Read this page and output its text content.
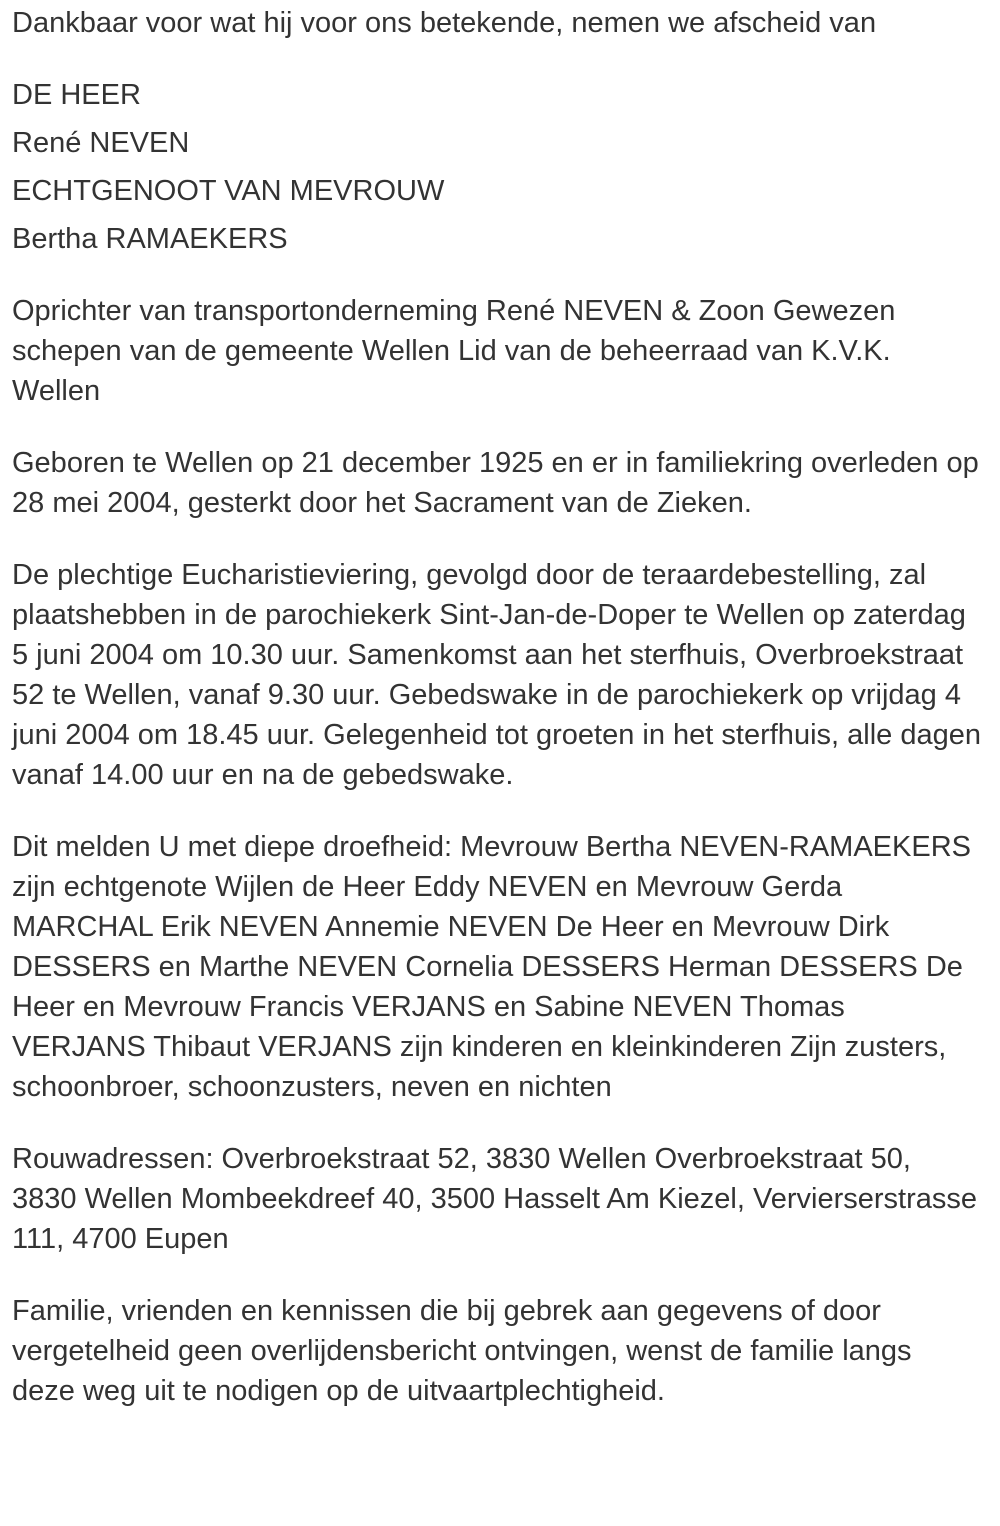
Dankbaar voor wat hij voor ons betekende, nemen we afscheid van

DE HEER

René NEVEN

ECHTGENOOT VAN MEVROUW

Bertha RAMAEKERS

Oprichter van transportonderneming René NEVEN & Zoon Gewezen schepen van de gemeente Wellen Lid van de beheerraad van K.V.K. Wellen

Geboren te Wellen op 21 december 1925 en er in familiekring overleden op 28 mei 2004, gesterkt door het Sacrament van de Zieken.

De plechtige Eucharistieviering, gevolgd door de teraardebestelling, zal plaatshebben in de parochiekerk Sint-Jan-de-Doper te Wellen op zaterdag 5 juni 2004 om 10.30 uur. Samenkomst aan het sterfhuis, Overbroekstraat 52 te Wellen, vanaf 9.30 uur. Gebedswake in de parochiekerk op vrijdag 4 juni 2004 om 18.45 uur. Gelegenheid tot groeten in het sterfhuis, alle dagen vanaf 14.00 uur en na de gebedswake.

Dit melden U met diepe droefheid: Mevrouw Bertha NEVEN-RAMAEKERS zijn echtgenote Wijlen de Heer Eddy NEVEN en Mevrouw Gerda MARCHAL Erik NEVEN Annemie NEVEN De Heer en Mevrouw Dirk DESSERS en Marthe NEVEN Cornelia DESSERS Herman DESSERS De Heer en Mevrouw Francis VERJANS en Sabine NEVEN Thomas VERJANS Thibaut VERJANS zijn kinderen en kleinkinderen Zijn zusters, schoonbroer, schoonzusters, neven en nichten

Rouwadressen: Overbroekstraat 52, 3830 Wellen Overbroekstraat 50, 3830 Wellen Mombeekdreef 40, 3500 Hasselt Am Kiezel, Vervierserstrasse 111, 4700 Eupen

Familie, vrienden en kennissen die bij gebrek aan gegevens of door vergetelheid geen overlijdensbericht ontvingen, wenst de familie langs deze weg uit te nodigen op de uitvaartplechtigheid.
